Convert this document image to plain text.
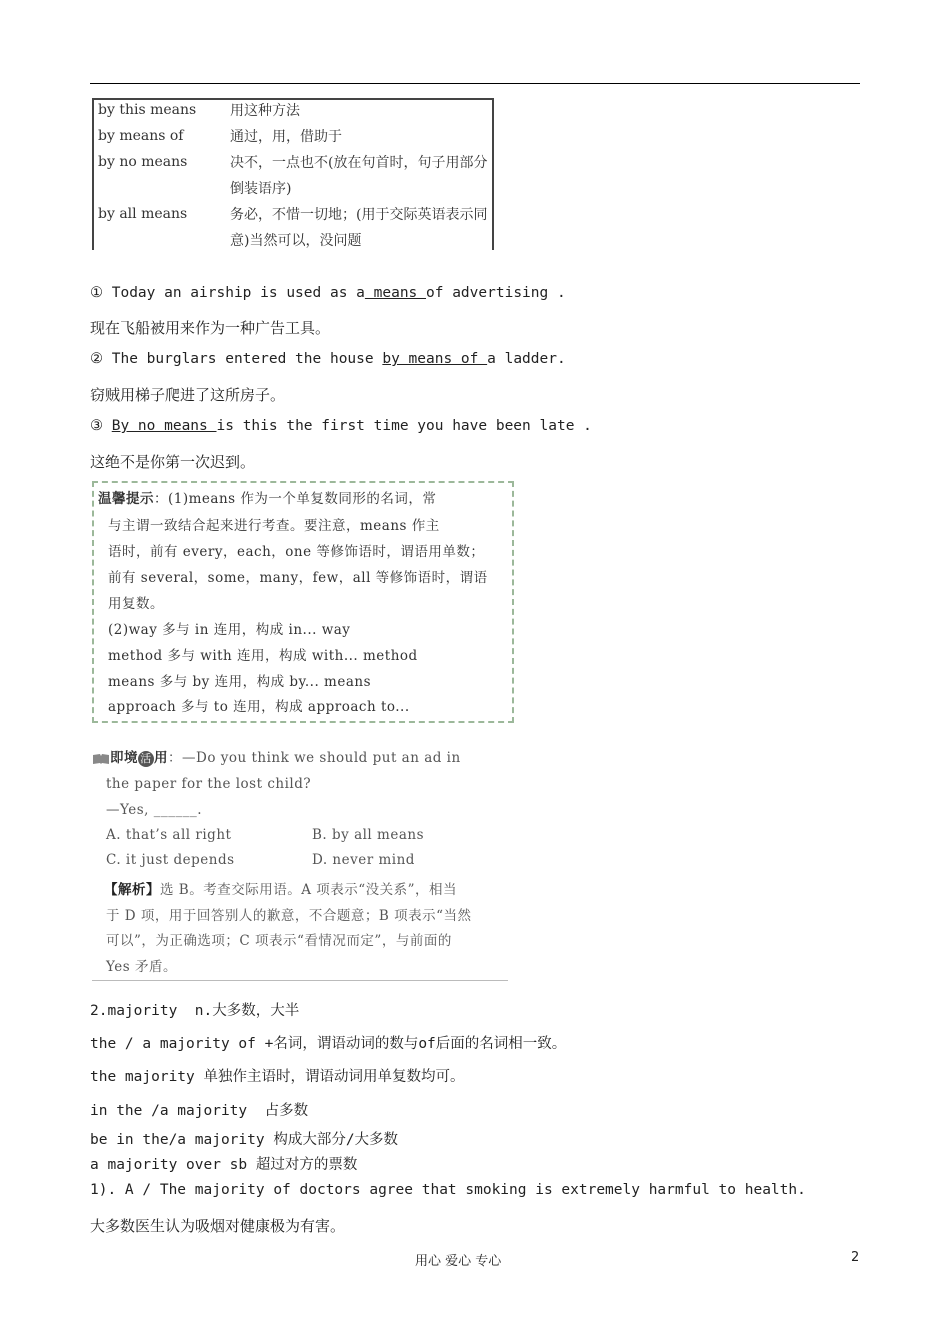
by this means	用这种方法
by means of	通过，用，借助于
by no means	决不，一点也不(放在句首时，句子用部分倒装语序)
by all means	务必，不惜一切地；(用于交际英语表示同意)当然可以，没问题
① Today an airship is used as a means of advertising .
现在飞船被用来作为一种广告工具。
② The burglars entered the house by means of a ladder.
窃贼用梯子爬进了这所房子。
③ By no means is this the first time you have been late .
这绝不是你第一次迟到。
温馨提示：(1)means 作为一个单复数同形的名词，常
与主谓一致结合起来进行考查。要注意，means 作主
语时，前有 every，each，one 等修饰语时，谓语用单数；
前有 several，some，many，few，all 等修饰语时，谓语
用复数。
(2)way 多与 in 连用，构成 in... way
method 多与 with 连用，构成 with... method
means 多与 by 连用，构成 by... means
approach 多与 to 连用，构成 approach to...
即境 活 用：—Do you think we should put an ad in
the paper for the lost child?
—Yes, ______.
A. that’s all right	B. by all means
C. it just depends	D. never mind
【解析】选 B。考查交际用语。A 项表示“没关系”，相当
于 D 项，用于回答别人的歉意，不合题意；B 项表示“当然
可以”，为正确选项；C 项表示“看情况而定”，与前面的
Yes 矛盾。
2.majority  n.大多数，大半
the / a majority of +名词，谓语动词的数与of后面的名词相一致。
the majority 单独作主语时，谓语动词用单复数均可。
in the /a majority  占多数
be in the/a majority 构成大部分/大多数
a majority over sb 超过对方的票数
1). A / The majority of doctors agree that smoking is extremely harmful to health.
大多数医生认为吸烟对健康极为有害。
用心 爱心 专心	2
